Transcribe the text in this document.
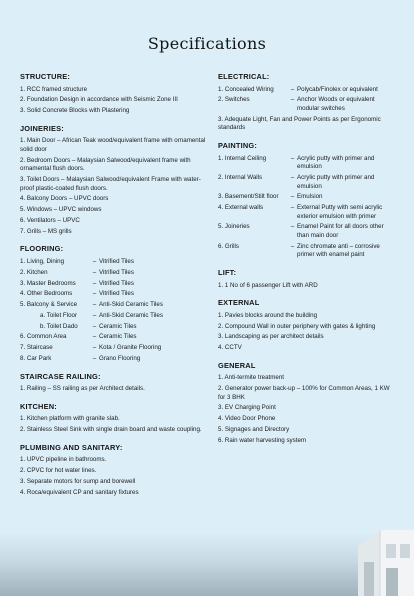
Specifications
STRUCTURE:
1. RCC framed structure
2. Foundation Design in accordance with Seismic Zone III
3. Solid Concrete Blocks with Plastering
JOINERIES:
1. Main Door – African Teak wood/equivalent frame with ornamental solid door
2. Bedroom Doors – Malaysian Salwood/equivalent frame with ornamental flush doors.
3. Toilet Doors – Malaysian Salwood/equivalent Frame with water-proof plastic-coated flush doors.
4. Balcony Doors – UPVC doors
5. Windows – UPVC windows
6. Ventilators – UPVC
7. Grills – MS grills
FLOORING:
1. Living, Dining	– Vitrified Tiles
2. Kitchen	– Vitrified Tiles
3. Master Bedrooms	– Vitrified Tiles
4. Other Bedrooms	– Vitrified Tiles
5. Balcony & Service	– Anti-Skid Ceramic Tiles
a. Toilet Floor	– Anti-Skid Ceramic Tiles
b. Toilet Dado	– Ceramic Tiles
6. Common Area	– Ceramic Tiles
7. Staircase	– Kota / Granite Flooring
8. Car Park	– Grano Flooring
STAIRCASE RAILING:
1. Railing – SS railing as per Architect details.
KITCHEN:
1. Kitchen platform with granite slab.
2. Stainless Steel Sink with single drain board and waste coupling.
PLUMBING AND SANITARY:
1. UPVC pipeline in bathrooms.
2. CPVC for hot water lines.
3. Separate motors for sump and borewell
4. Roca/equivalent CP and sanitary fixtures
ELECTRICAL:
1. Concealed Wiring	– Polycab/Finolex or equivalent
2. Switches	– Anchor Woods or equivalent modular switches
3. Adequate Light, Fan and Power Points as per Ergonomic standards
PAINTING:
1. Internal Ceiling	– Acrylic putty with primer and emulsion
2. Internal Walls	– Acrylic putty with primer and emulsion
3. Basement/Stilt floor	– Emulsion
4. External walls	– External Putty with semi acrylic exterior emulsion with primer
5. Joineries	– Enamel Paint for all doors other than main door
6. Grills	– Zinc chromate anti – corrosive primer with enamel paint
LIFT:
1. 1 No of 6 passenger Lift with ARD
EXTERNAL
1. Pavies blocks around the building
2. Compound Wall in outer periphery with gates & lighting
3. Landscaping as per architect details
4. CCTV
GENERAL
1. Anti-termite treatment
2. Generator power back-up – 100% for Common Areas, 1 KW for 3 BHK
3. EV Charging Point
4. Video Door Phone
5. Signages and Directory
6. Rain water harvesting system
